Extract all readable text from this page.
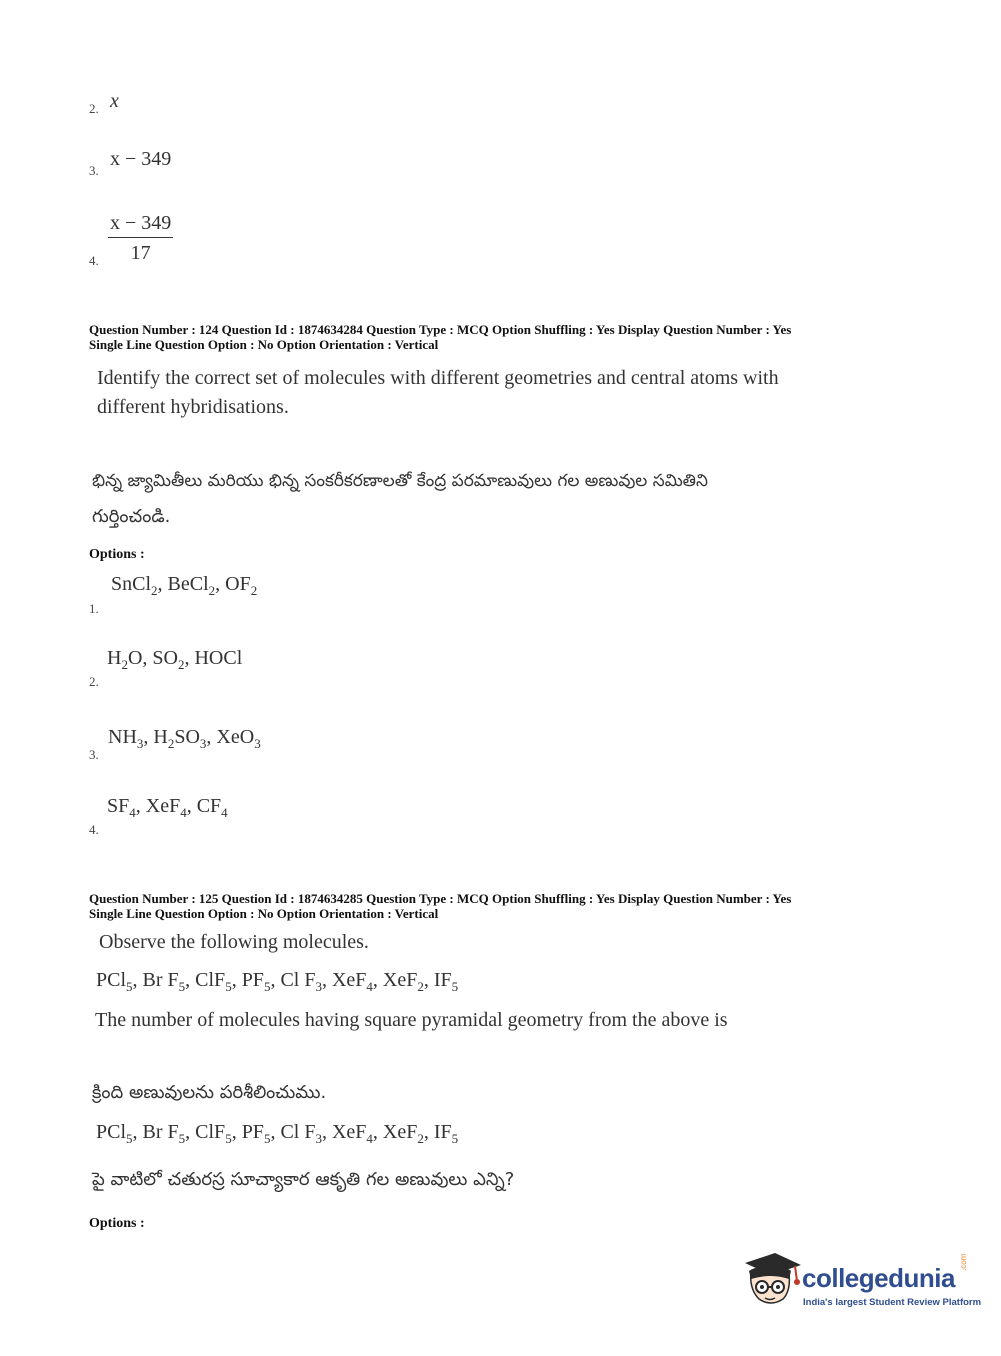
2. x
3.
x − 349
4. $\frac{x - 349}{17}$
Question Number : 124 Question Id : 1874634284 Question Type : MCQ Option Shuffling : Yes Display Question Number : Yes
Single Line Question Option : No Option Orientation : Vertical
Identify the correct set of molecules with different geometries and central atoms with
different hybridisations.
భిన్న జ్యామితీలు మరియు భిన్న సంకరీకరణాలతో కేంద్ర పరమాణువులు గల అణువుల సమితిని
గుర్తించండి.
Options :
SnCl$_2$, BeCl$_2$, $OF_2$
1.
$H_2O$, $SO_2$, HOCl
2.
$NH_3$, $H_2SO_3$, XeO$_3$
3.
$SF_4$, XeF$_4$, $CF_4$
4.
Question Number : 125 Question Id : 1874634285 Question Type : MCQ Option Shuffling : Yes Display Question Number : Yes
Single Line Question Option : No Option Orientation : Vertical
Observe the following molecules.
PCl$_5$, Br $F_5$, ClF$_5$, $PF_5$, Cl $F_3$, XeF$_4$, XeF$_2$, $IF_5$
The number of molecules having square pyramidal geometry from the above is
క్రింది అణువులను పరిశీలించుము.
PCl$_5$, Br $F_5$, ClF$_5$, $PF_5$, Cl $F_3$, XeF$_4$, XeF$_2$, $IF_5$
పై వాటిలో చతురస్ర సూచ్యాకార ఆకృతి గల అణువులు ఎన్ని?
Options :
collegedunia
.com
India's largest Student Review Platform
